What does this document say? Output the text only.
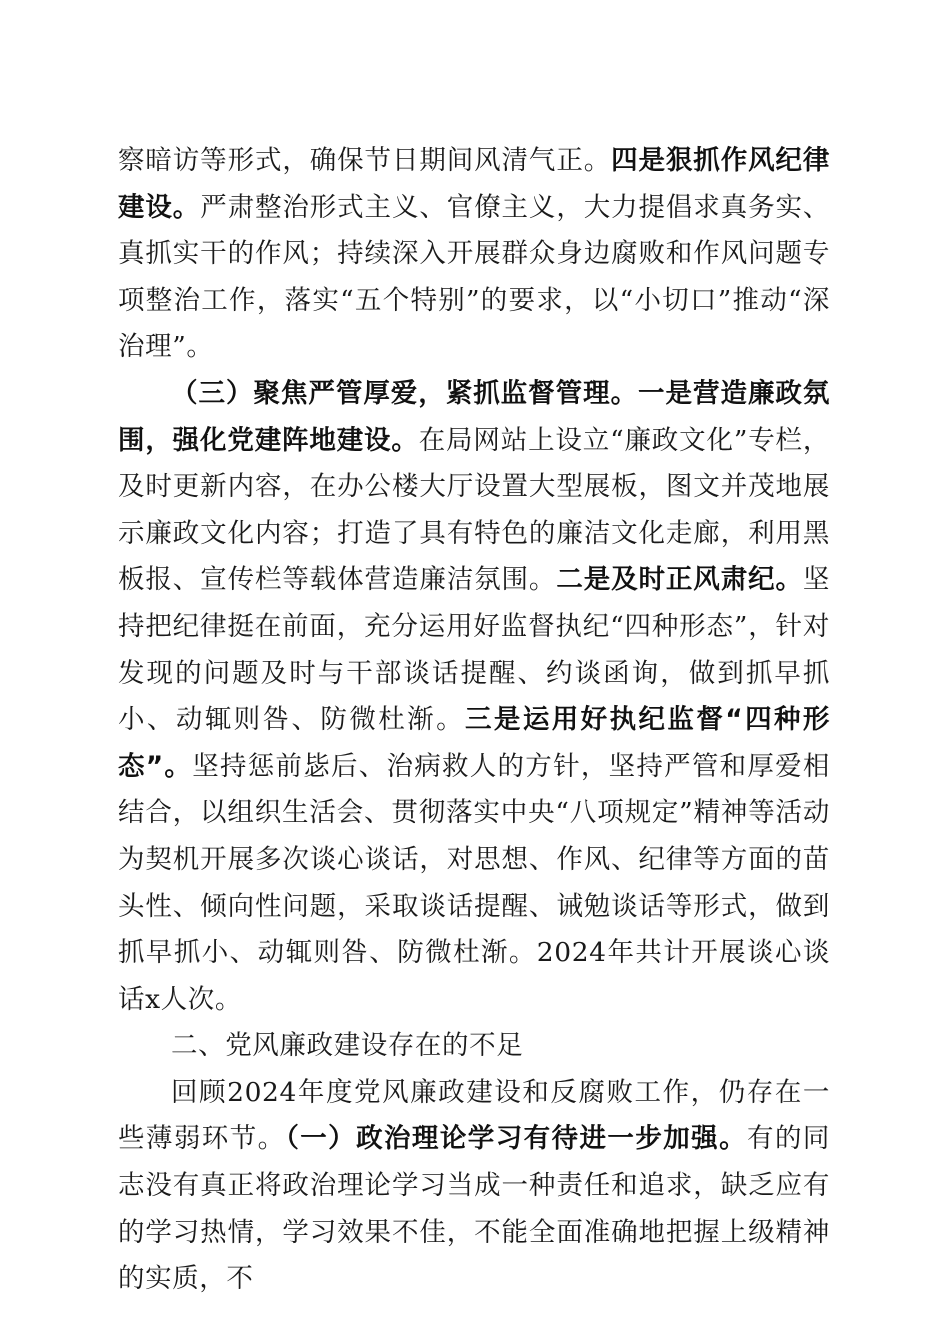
察暗访等形式，确保节日期间风清气正。四是狠抓作风纪律建设。严肃整治形式主义、官僚主义，大力提倡求真务实、真抓实干的作风；持续深入开展群众身边腐败和作风问题专项整治工作，落实“五个特别”的要求，以“小切口”推动“深治理”。

（三）聚焦严管厚爱，紧抓监督管理。一是营造廉政氛围，强化党建阵地建设。在局网站上设立“廉政文化”专栏，及时更新内容，在办公楼大厅设置大型展板，图文并茂地展示廉政文化内容；打造了具有特色的廉洁文化走廊，利用黑板报、宣传栏等载体营造廉洁氛围。二是及时正风肃纪。坚持把纪律挺在前面，充分运用好监督执纪“四种形态”，针对发现的问题及时与干部谈话提醒、约谈函询，做到抓早抓小、动辄则咎、防微杜渐。三是运用好执纪监督“四种形态”。坚持惩前毖后、治病救人的方针，坚持严管和厚爱相结合，以组织生活会、贯彻落实中央“八项规定”精神等活动为契机开展多次谈心谈话，对思想、作风、纪律等方面的苗头性、倾向性问题，采取谈话提醒、诫勉谈话等形式，做到抓早抓小、动辄则咎、防微杜渐。2024年共计开展谈心谈话x人次。

二、党风廉政建设存在的不足

回顾2024年度党风廉政建设和反腐败工作，仍存在一些薄弱环节。（一）政治理论学习有待进一步加强。有的同志没有真正将政治理论学习当成一种责任和追求，缺乏应有的学习热情，学习效果不佳，不能全面准确地把握上级精神的实质，不
